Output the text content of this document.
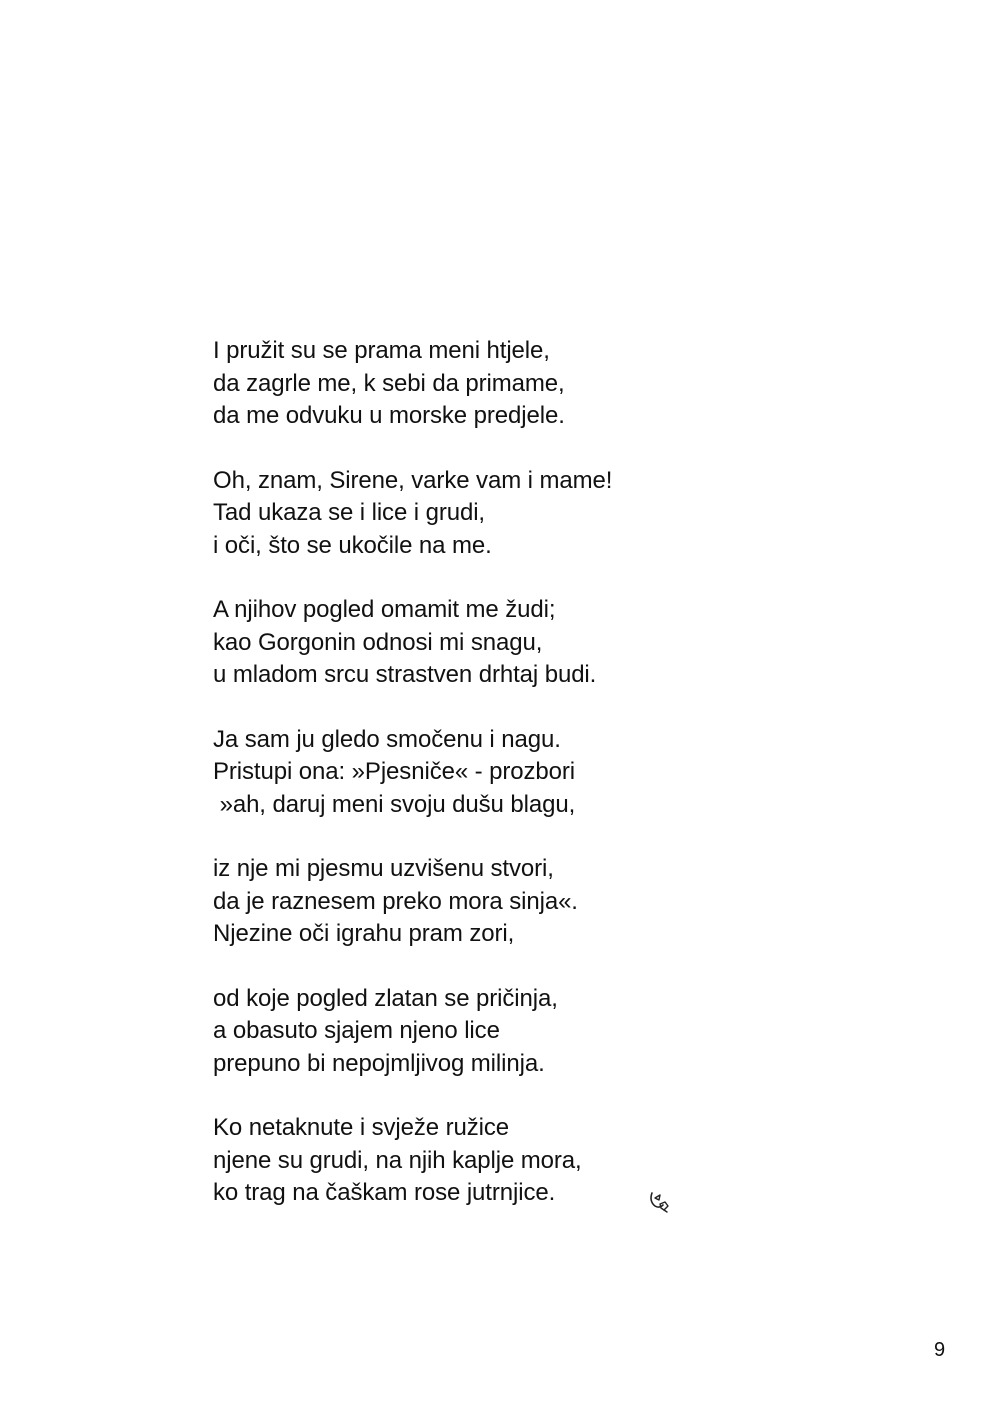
I pružit su se prama meni htjele,
da zagrle me, k sebi da primame,
da me odvuku u morske predjele.
Oh, znam, Sirene, varke vam i mame!
Tad ukaza se i lice i grudi,
i oči, što se ukočile na me.
A njihov pogled omamit me žudi;
kao Gorgonin odnosi mi snagu,
u mladom srcu strastven drhtaj budi.
Ja sam ju gledo smočenu i nagu.
Pristupi ona: »Pjesniče« - prozbori
»ah, daruj meni svoju dušu blagu,
iz nje mi pjesmu uzvišenu stvori,
da je raznesem preko mora sinja«.
Njezine oči igrahu pram zori,
od koje pogled zlatan se pričinja,
a obasuto sjajem njeno lice
prepuno bi nepojmljivog milinja.
Ko netaknute i svježe ružice
njene su grudi, na njih kaplje mora,
ko trag na čaškam rose jutrnjice.
9
